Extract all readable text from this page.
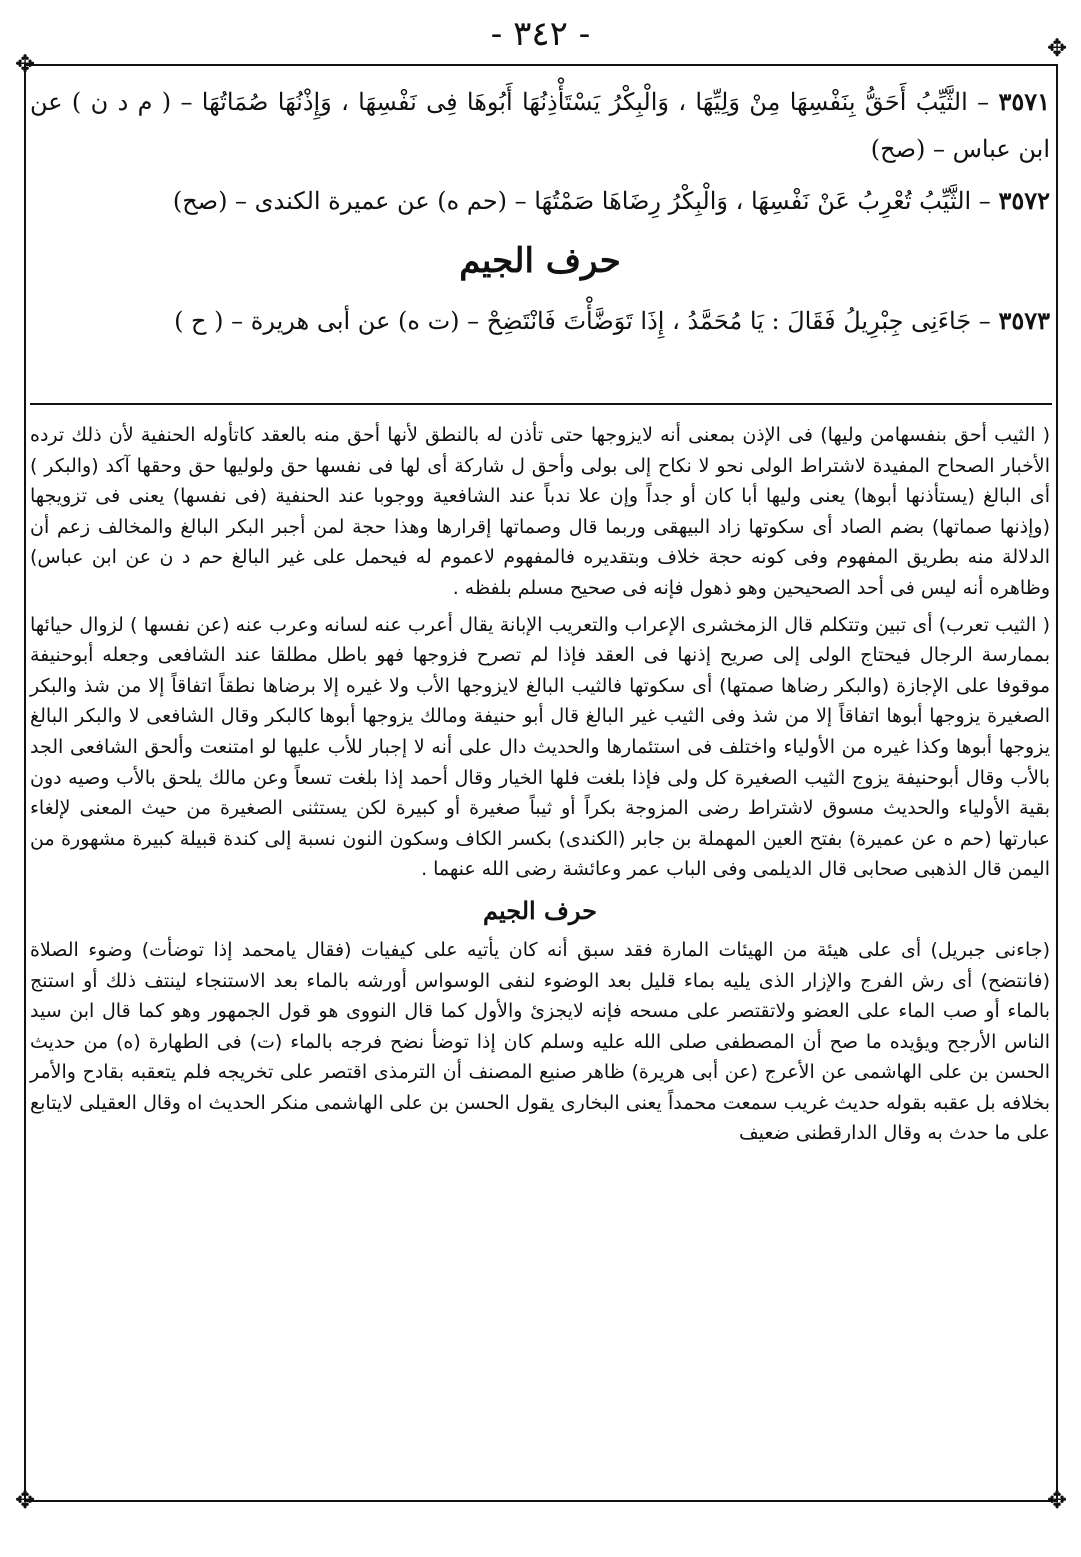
- ٣٤٢ -
✥
✥
✥	✥

٣٥٧١ – الثَّيِّبُ أَحَقُّ بِنَفْسِهَا مِنْ وَلِيِّهَا ، وَالْبِكْرُ يَسْتَأْذِنُهَا أَبُوهَا فِى نَفْسِهَا ، وَإِذْنُهَا صُمَاتُهَا – ( م د ن ) عن ابن عباس – (صح)

٣٥٧٢ – الثَّيِّبُ تُعْرِبُ عَنْ نَفْسِهَا ، وَالْبِكْرُ رِضَاهَا صَمْتُهَا – (حم ه) عن عميرة الكندى – (صح)

حرف الجيم

٣٥٧٣ – جَاءَنِى جِبْرِيلُ فَقَالَ : يَا مُحَمَّدُ ، إِذَا تَوَضَّأْتَ فَانْتَضِحْ – (ت ه) عن أبى هريرة – ( ح )

( الثيب أحق بنفسهامن وليها) فى الإذن بمعنى أنه لايزوجها حتى تأذن له بالنطق لأنها أحق منه بالعقد كاتأوله الحنفية لأن ذلك ترده الأخبار الصحاح المفيدة لاشتراط الولى نحو لا نكاح إلى بولى وأحق ل شاركة أى لها فى نفسها حق ولوليها حق وحقها آكد (والبكر ) أى البالغ (يستأذنها أبوها) يعنى وليها أبا كان أو جداً وإن علا ندباً عند الشافعية ووجوبا عند الحنفية (فى نفسها) يعنى فى تزويجها (وإذنها صماتها) بضم الصاد أى سكوتها زاد البيهقى وربما قال وصماتها إقرارها وهذا حجة لمن أجبر البكر البالغ والمخالف زعم أن الدلالة منه بطريق المفهوم وفى كونه حجة خلاف وبتقديره فالمفهوم لاعموم له فيحمل على غير البالغ حم د ن عن ابن عباس) وظاهره أنه ليس فى أحد الصحيحين وهو ذهول فإنه فى صحيح مسلم بلفظه .

( الثيب تعرب) أى تبين وتتكلم قال الزمخشرى الإعراب والتعريب الإبانة يقال أعرب عنه لسانه وعرب عنه (عن نفسها ) لزوال حيائها بممارسة الرجال فيحتاج الولى إلى صريح إذنها فى العقد فإذا لم تصرح فزوجها فهو باطل مطلقا عند الشافعى وجعله أبوحنيفة موقوفا على الإجازة (والبكر رضاها صمتها) أى سكوتها فالثيب البالغ لايزوجها الأب ولا غيره إلا برضاها نطقاً اتفاقاً إلا من شذ والبكر الصغيرة يزوجها أبوها اتفاقاً إلا من شذ وفى الثيب غير البالغ قال أبو حنيفة ومالك يزوجها أبوها كالبكر وقال الشافعى لا والبكر البالغ يزوجها أبوها وكذا غيره من الأولياء واختلف فى استئمارها والحديث دال على أنه لا إجبار للأب عليها لو امتنعت وألحق الشافعى الجد بالأب وقال أبوحنيفة يزوج الثيب الصغيرة كل ولى فإذا بلغت فلها الخيار وقال أحمد إذا بلغت تسعاً وعن مالك يلحق بالأب وصيه دون بقية الأولياء والحديث مسوق لاشتراط رضى المزوجة بكراً أو ثيباً صغيرة أو كبيرة لكن يستثنى الصغيرة من حيث المعنى لإلغاء عبارتها (حم ه عن عميرة) بفتح العين المهملة بن جابر (الكندى) بكسر الكاف وسكون النون نسبة إلى كندة قبيلة كبيرة مشهورة من اليمن قال الذهبى صحابى قال الديلمى وفى الباب عمر وعائشة رضى الله عنهما .

حرف الجيم

(جاءنى جبريل) أى على هيئة من الهيئات المارة فقد سبق أنه كان يأتيه على كيفيات (فقال يامحمد إذا توضأت) وضوء الصلاة (فانتضح) أى رش الفرج والإزار الذى يليه بماء قليل بعد الوضوء لنفى الوسواس أورشه بالماء بعد الاستنجاء لينتف ذلك أو استنج بالماء أو صب الماء على العضو ولاتقتصر على مسحه فإنه لايجزئ والأول كما قال النووى هو قول الجمهور وهو كما قال ابن سيد الناس الأرجح ويؤيده ما صح أن المصطفى صلى الله عليه وسلم كان إذا توضأ نضح فرجه بالماء (ت) فى الطهارة (ه) من حديث الحسن بن على الهاشمى عن الأعرج (عن أبى هريرة) ظاهر صنيع المصنف أن الترمذى اقتصر على تخريجه فلم يتعقبه بقادح والأمر بخلافه بل عقبه بقوله حديث غريب سمعت محمداً يعنى البخارى يقول الحسن بن على الهاشمى منكر الحديث اه وقال العقيلى لايتابع على ما حدث به وقال الدارقطنى ضعيف
